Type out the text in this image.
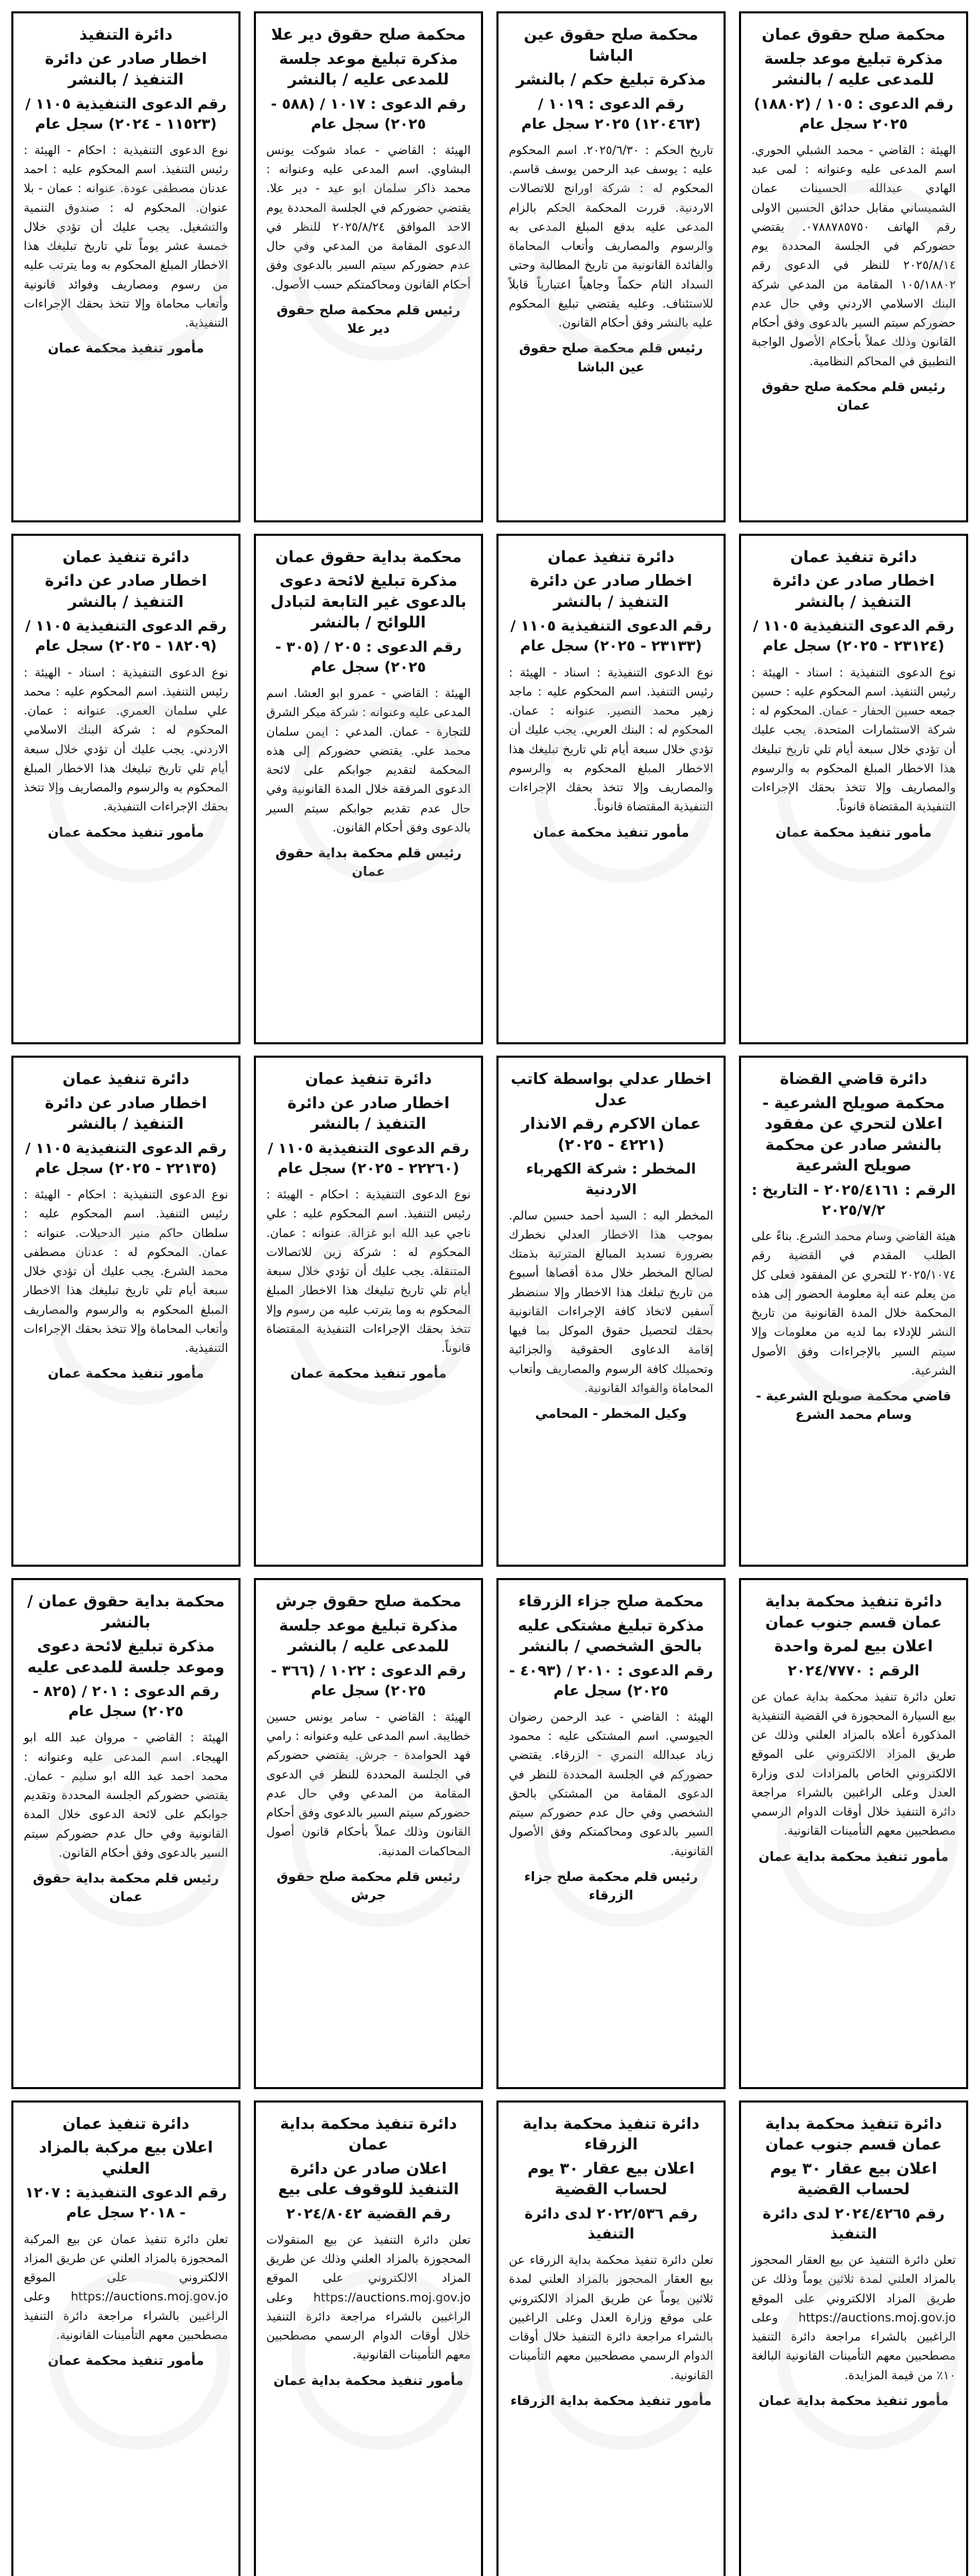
محكمة صلح حقوق عمان
مذكرة تبليغ موعد جلسة للمدعى عليه / بالنشر
رقم الدعوى : ١٠٥ / (١٨٨٠٢) ٢٠٢٥ سجل عام

الهيئة : القاضي - محمد الشبلي الحوري. اسم المدعى عليه وعنوانه : لمى عبد الهادي عبدالله الحسينات عمان الشميساني مقابل حدائق الحسين الاولى رقم الهاتف ٠٧٨٨٧٨٥٧٥٠. يقتضي حضوركم في الجلسة المحددة يوم ٢٠٢٥/٨/١٤ للنظر في الدعوى رقم ١٠٥/١٨٨٠٢ المقامة من المدعي شركة البنك الاسلامي الاردني وفي حال عدم حضوركم سيتم السير بالدعوى وفق أحكام القانون وذلك عملاً بأحكام الأصول الواجبة التطبيق في المحاكم النظامية.

رئيس قلم محكمة صلح حقوق عمان
محكمة صلح حقوق عين الباشا
مذكرة تبليغ حكم / بالنشر
رقم الدعوى : ١٠١٩ / (١٢٠٤٦٣) ٢٠٢٥ سجل عام

تاريخ الحكم : ٢٠٢٥/٦/٣٠. اسم المحكوم عليه : يوسف عبد الرحمن يوسف قاسم. المحكوم له : شركة اورانج للاتصالات الاردنية. قررت المحكمة الحكم بالزام المدعى عليه بدفع المبلغ المدعى به والرسوم والمصاريف وأتعاب المحاماة والفائدة القانونية من تاريخ المطالبة وحتى السداد التام حكماً وجاهياً اعتبارياً قابلاً للاستئناف. وعليه يقتضي تبليغ المحكوم عليه بالنشر وفق أحكام القانون.

رئيس قلم محكمة صلح حقوق عين الباشا
محكمة صلح حقوق دير علا
مذكرة تبليغ موعد جلسة للمدعى عليه / بالنشر
رقم الدعوى : ١٠١٧ / (٥٨٨ - ٢٠٢٥) سجل عام

الهيئة : القاضي - عماد شوكت يونس البشاوي. اسم المدعى عليه وعنوانه : محمد ذاكر سلمان ابو عيد - دير علا. يقتضي حضوركم في الجلسة المحددة يوم الاحد الموافق ٢٠٢٥/٨/٢٤ للنظر في الدعوى المقامة من المدعي وفي حال عدم حضوركم سيتم السير بالدعوى وفق أحكام القانون ومحاكمتكم حسب الأصول.

رئيس قلم محكمة صلح حقوق دير علا
دائرة التنفيذ
اخطار صادر عن دائرة التنفيذ / بالنشر
رقم الدعوى التنفيذية ١١٠٥ / (١١٥٢٣ - ٢٠٢٤) سجل عام

نوع الدعوى التنفيذية : احكام - الهيئة : رئيس التنفيذ. اسم المحكوم عليه : احمد عدنان مصطفى عودة. عنوانه : عمان - بلا عنوان. المحكوم له : صندوق التنمية والتشغيل. يجب عليك أن تؤدي خلال خمسة عشر يوماً تلي تاريخ تبليغك هذا الاخطار المبلغ المحكوم به وما يترتب عليه من رسوم ومصاريف وفوائد قانونية وأتعاب محاماة وإلا تتخذ بحقك الإجراءات التنفيذية.

مأمور تنفيذ محكمة عمان
دائرة تنفيذ عمان
اخطار صادر عن دائرة التنفيذ / بالنشر
رقم الدعوى التنفيذية ١١٠٥ / (٢٣١٢٤ - ٢٠٢٥) سجل عام

نوع الدعوى التنفيذية : اسناد - الهيئة : رئيس التنفيذ. اسم المحكوم عليه : حسين جمعه حسين الحفار - عمان. المحكوم له : شركة الاستثمارات المتحدة. يجب عليك أن تؤدي خلال سبعة أيام تلي تاريخ تبليغك هذا الاخطار المبلغ المحكوم به والرسوم والمصاريف وإلا تتخذ بحقك الإجراءات التنفيذية المقتضاة قانوناً.

مأمور تنفيذ محكمة عمان
دائرة تنفيذ عمان
اخطار صادر عن دائرة التنفيذ / بالنشر
رقم الدعوى التنفيذية ١١٠٥ / (٢٣١٣٣ - ٢٠٢٥) سجل عام

نوع الدعوى التنفيذية : اسناد - الهيئة : رئيس التنفيذ. اسم المحكوم عليه : ماجد زهير محمد النصير. عنوانه : عمان. المحكوم له : البنك العربي. يجب عليك أن تؤدي خلال سبعة أيام تلي تاريخ تبليغك هذا الاخطار المبلغ المحكوم به والرسوم والمصاريف وإلا تتخذ بحقك الإجراءات التنفيذية المقتضاة قانوناً.

مأمور تنفيذ محكمة عمان
محكمة بداية حقوق عمان
مذكرة تبليغ لائحة دعوى بالدعوى غير التابعة لتبادل اللوائح / بالنشر
رقم الدعوى : ٢٠٥ / (٣٠٥ - ٢٠٢٥) سجل عام

الهيئة : القاضي - عمرو ابو العشا. اسم المدعى عليه وعنوانه : شركة ميكر الشرق للتجارة - عمان. المدعي : ايمن سلمان محمد علي. يقتضي حضوركم إلى هذه المحكمة لتقديم جوابكم على لائحة الدعوى المرفقة خلال المدة القانونية وفي حال عدم تقديم جوابكم سيتم السير بالدعوى وفق أحكام القانون.

رئيس قلم محكمة بداية حقوق عمان
دائرة تنفيذ عمان
اخطار صادر عن دائرة التنفيذ / بالنشر
رقم الدعوى التنفيذية ١١٠٥ / (١٨٢٠٩ - ٢٠٢٥) سجل عام

نوع الدعوى التنفيذية : اسناد - الهيئة : رئيس التنفيذ. اسم المحكوم عليه : محمد علي سلمان العمري. عنوانه : عمان. المحكوم له : شركة البنك الاسلامي الاردني. يجب عليك أن تؤدي خلال سبعة أيام تلي تاريخ تبليغك هذا الاخطار المبلغ المحكوم به والرسوم والمصاريف وإلا تتخذ بحقك الإجراءات التنفيذية.

مأمور تنفيذ محكمة عمان
دائرة قاضي القضاة
محكمة صويلح الشرعية - اعلان لتحري عن مفقود بالنشر صادر عن محكمة صويلح الشرعية
الرقم : ٢٠٢٥/٤١٦١ - التاريخ : ٢٠٢٥/٧/٢

هيئة القاضي وسام محمد الشرع. بناءً على الطلب المقدم في القضية رقم ٢٠٢٥/١٠٧٤ للتحري عن المفقود فعلى كل من يعلم عنه أية معلومة الحضور إلى هذه المحكمة خلال المدة القانونية من تاريخ النشر للإدلاء بما لديه من معلومات وإلا سيتم السير بالإجراءات وفق الأصول الشرعية.

قاضي محكمة صويلح الشرعية - وسام محمد الشرع
اخطار عدلي بواسطة كاتب عدل
عمان الاكرم رقم الانذار (٤٢٢١ - ٢٠٢٥)
المخطر : شركة الكهرباء الاردنية

المخطر اليه : السيد أحمد حسين سالم. بموجب هذا الاخطار العدلي نخطرك بضرورة تسديد المبالغ المترتبة بذمتك لصالح المخطر خلال مدة أقصاها أسبوع من تاريخ تبلغك هذا الاخطار وإلا سنضطر آسفين لاتخاذ كافة الإجراءات القانونية بحقك لتحصيل حقوق الموكل بما فيها إقامة الدعاوى الحقوقية والجزائية وتحميلك كافة الرسوم والمصاريف وأتعاب المحاماة والفوائد القانونية.

وكيل المخطر - المحامي
دائرة تنفيذ عمان
اخطار صادر عن دائرة التنفيذ / بالنشر
رقم الدعوى التنفيذية ١١٠٥ / (٢٢٢٦٠ - ٢٠٢٥) سجل عام

نوع الدعوى التنفيذية : احكام - الهيئة : رئيس التنفيذ. اسم المحكوم عليه : علي ناجي عبد الله ابو غزالة. عنوانه : عمان. المحكوم له : شركة زين للاتصالات المتنقلة. يجب عليك أن تؤدي خلال سبعة أيام تلي تاريخ تبليغك هذا الاخطار المبلغ المحكوم به وما يترتب عليه من رسوم وإلا تتخذ بحقك الإجراءات التنفيذية المقتضاة قانوناً.

مأمور تنفيذ محكمة عمان
دائرة تنفيذ عمان
اخطار صادر عن دائرة التنفيذ / بالنشر
رقم الدعوى التنفيذية ١١٠٥ / (٢٢١٣٥ - ٢٠٢٥) سجل عام

نوع الدعوى التنفيذية : احكام - الهيئة : رئيس التنفيذ. اسم المحكوم عليه : سلطان حاكم منير الدحيلات. عنوانه : عمان. المحكوم له : عدنان مصطفى محمد الشرع. يجب عليك أن تؤدي خلال سبعة أيام تلي تاريخ تبليغك هذا الاخطار المبلغ المحكوم به والرسوم والمصاريف وأتعاب المحاماة وإلا تتخذ بحقك الإجراءات التنفيذية.

مأمور تنفيذ محكمة عمان
دائرة تنفيذ محكمة بداية عمان قسم جنوب عمان
اعلان بيع لمرة واحدة
الرقم : ٢٠٢٤/٧٧٧٠

تعلن دائرة تنفيذ محكمة بداية عمان عن بيع السيارة المحجوزة في القضية التنفيذية المذكورة أعلاه بالمزاد العلني وذلك عن طريق المزاد الالكتروني على الموقع الالكتروني الخاص بالمزادات لدى وزارة العدل وعلى الراغبين بالشراء مراجعة دائرة التنفيذ خلال أوقات الدوام الرسمي مصطحبين معهم التأمينات القانونية.

مأمور تنفيذ محكمة بداية عمان
محكمة صلح جزاء الزرقاء
مذكرة تبليغ مشتكى عليه بالحق الشخصي / بالنشر
رقم الدعوى : ٢٠١٠ / (٤٠٩٣ - ٢٠٢٥) سجل عام

الهيئة : القاضي - عبد الرحمن رضوان الجيوسي. اسم المشتكى عليه : محمود زياد عبدالله النمري - الزرقاء. يقتضي حضوركم في الجلسة المحددة للنظر في الدعوى المقامة من المشتكي بالحق الشخصي وفي حال عدم حضوركم سيتم السير بالدعوى ومحاكمتكم وفق الأصول القانونية.

رئيس قلم محكمة صلح جزاء الزرقاء
محكمة صلح حقوق جرش
مذكرة تبليغ موعد جلسة للمدعى عليه / بالنشر
رقم الدعوى : ١٠٢٢ / (٣٦٦ - ٢٠٢٥) سجل عام

الهيئة : القاضي - سامر يونس حسين خطايبة. اسم المدعى عليه وعنوانه : رامي فهد الحوامدة - جرش. يقتضي حضوركم في الجلسة المحددة للنظر في الدعوى المقامة من المدعي وفي حال عدم حضوركم سيتم السير بالدعوى وفق أحكام القانون وذلك عملاً بأحكام قانون أصول المحاكمات المدنية.

رئيس قلم محكمة صلح حقوق جرش
محكمة بداية حقوق عمان / بالنشر
مذكرة تبليغ لائحة دعوى وموعد جلسة للمدعى عليه
رقم الدعوى : ٢٠١ / (٨٢٥ - ٢٠٢٥) سجل عام

الهيئة : القاضي - مروان عبد الله ابو الهيجاء. اسم المدعى عليه وعنوانه : محمد احمد عبد الله ابو سليم - عمان. يقتضي حضوركم الجلسة المحددة وتقديم جوابكم على لائحة الدعوى خلال المدة القانونية وفي حال عدم حضوركم سيتم السير بالدعوى وفق أحكام القانون.

رئيس قلم محكمة بداية حقوق عمان
دائرة تنفيذ محكمة بداية عمان قسم جنوب عمان
اعلان بيع عقار ٣٠ يوم لحساب القضية
رقم ٢٠٢٤/٤٢٦٥ لدى دائرة التنفيذ

تعلن دائرة التنفيذ عن بيع العقار المحجوز بالمزاد العلني لمدة ثلاثين يوماً وذلك عن طريق المزاد الالكتروني على الموقع https://auctions.moj.gov.jo وعلى الراغبين بالشراء مراجعة دائرة التنفيذ مصطحبين معهم التأمينات القانونية البالغة ١٠٪ من قيمة المزايدة.

مأمور تنفيذ محكمة بداية عمان
دائرة تنفيذ محكمة بداية الزرقاء
اعلان بيع عقار ٣٠ يوم لحساب القضية
رقم ٢٠٢٢/٥٣٦ لدى دائرة التنفيذ

تعلن دائرة تنفيذ محكمة بداية الزرقاء عن بيع العقار المحجوز بالمزاد العلني لمدة ثلاثين يوماً عن طريق المزاد الالكتروني على موقع وزارة العدل وعلى الراغبين بالشراء مراجعة دائرة التنفيذ خلال أوقات الدوام الرسمي مصطحبين معهم التأمينات القانونية.

مأمور تنفيذ محكمة بداية الزرقاء
دائرة تنفيذ محكمة بداية عمان
اعلان صادر عن دائرة التنفيذ للوقوف على بيع
رقم القضية ٢٠٢٤/٨٠٤٢

تعلن دائرة التنفيذ عن بيع المنقولات المحجوزة بالمزاد العلني وذلك عن طريق المزاد الالكتروني على الموقع https://auctions.moj.gov.jo وعلى الراغبين بالشراء مراجعة دائرة التنفيذ خلال أوقات الدوام الرسمي مصطحبين معهم التأمينات القانونية.

مأمور تنفيذ محكمة بداية عمان
دائرة تنفيذ عمان
اعلان بيع مركبة بالمزاد العلني
رقم الدعوى التنفيذية : ١٢٠٧ - ٢٠١٨ سجل عام

تعلن دائرة تنفيذ عمان عن بيع المركبة المحجوزة بالمزاد العلني عن طريق المزاد الالكتروني على الموقع https://auctions.moj.gov.jo وعلى الراغبين بالشراء مراجعة دائرة التنفيذ مصطحبين معهم التأمينات القانونية.

مأمور تنفيذ محكمة عمان
